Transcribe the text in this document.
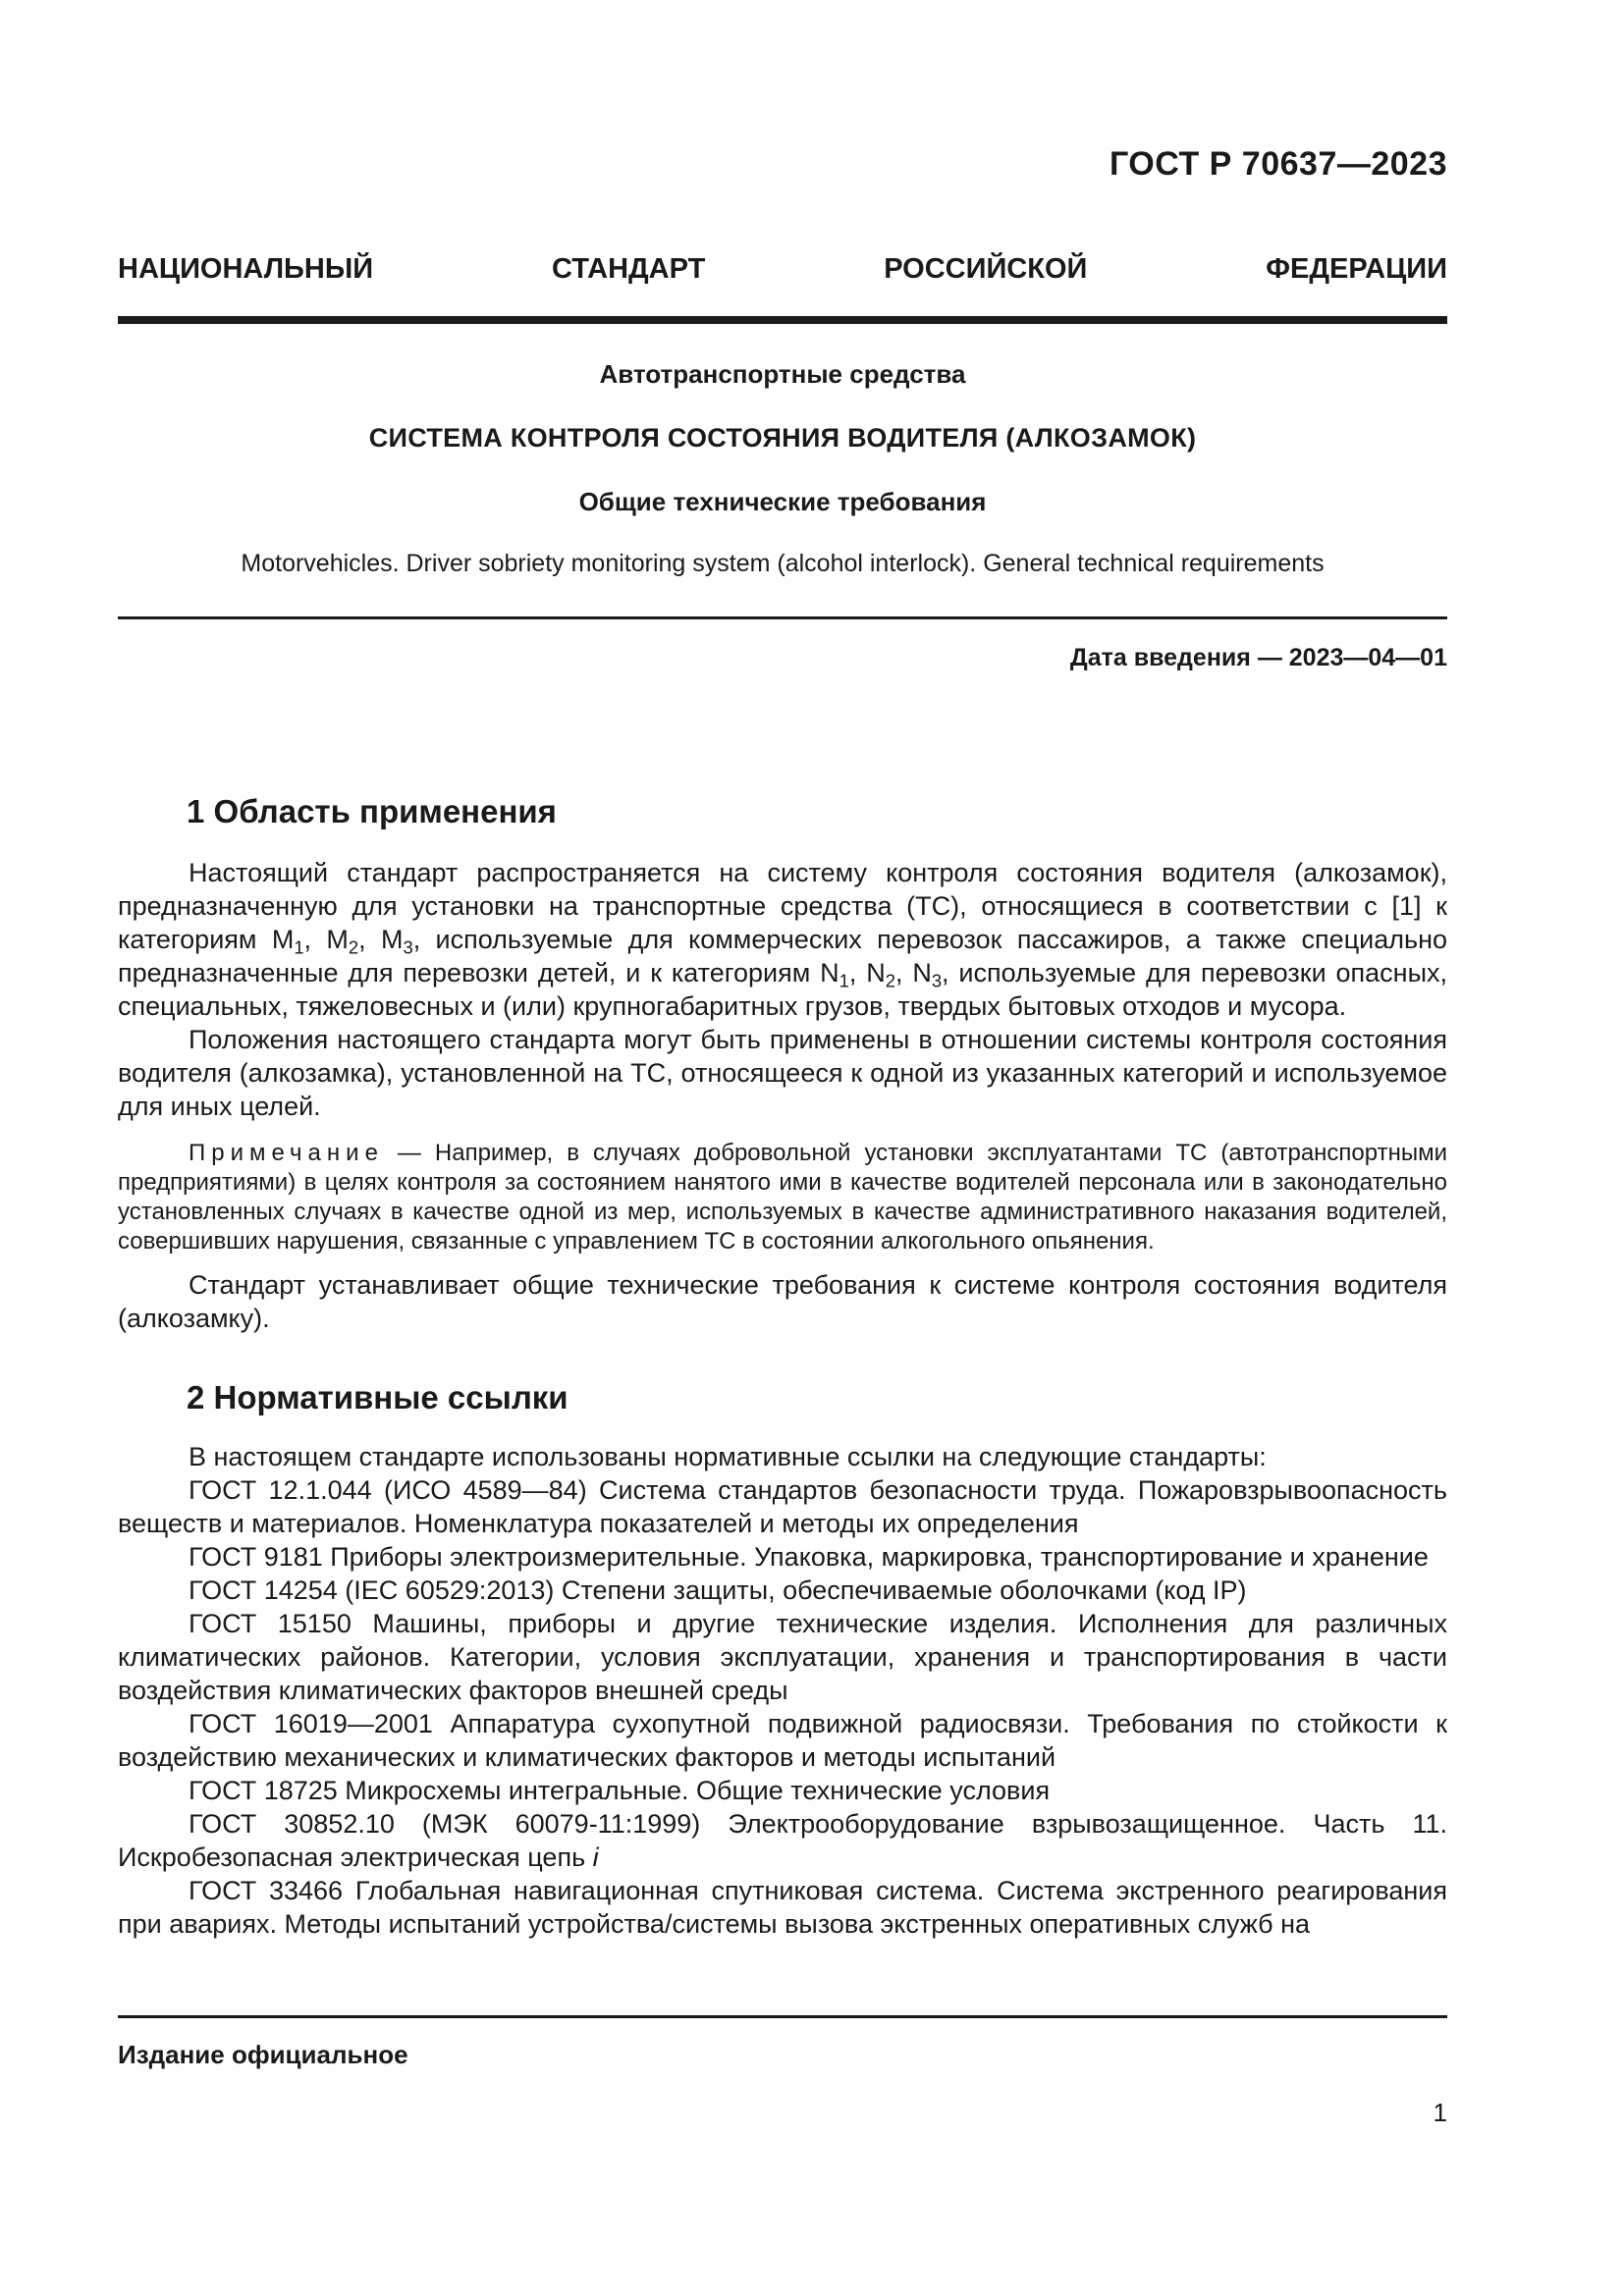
ГОСТ Р 70637—2023
НАЦИОНАЛЬНЫЙ СТАНДАРТ РОССИЙСКОЙ ФЕДЕРАЦИИ
Автотранспортные средства
СИСТЕМА КОНТРОЛЯ СОСТОЯНИЯ ВОДИТЕЛЯ (АЛКОЗАМОК)
Общие технические требования
Motorvehicles. Driver sobriety monitoring system (alcohol interlock). General technical requirements
Дата введения — 2023—04—01
1 Область применения

Настоящий стандарт распространяется на систему контроля состояния водителя (алкозамок), предназначенную для установки на транспортные средства (ТС), относящиеся в соответствии с [1] к категориям $М_1$, $М_2$, $М_3$, используемые для коммерческих перевозок пассажиров, а также специально предназначенные для перевозки детей, и к категориям $N_1$, $N_2$, $N_3$, используемые для перевозки опасных, специальных, тяжеловесных и (или) крупногабаритных грузов, твердых бытовых отходов и мусора.

Положения настоящего стандарта могут быть применены в отношении системы контроля состояния водителя (алкозамка), установленной на ТС, относящееся к одной из указанных категорий и используемое для иных целей.

Примечание — Например, в случаях добровольной установки эксплуатантами ТС (автотранспортными предприятиями) в целях контроля за состоянием нанятого ими в качестве водителей персонала или в законодательно установленных случаях в качестве одной из мер, используемых в качестве административного наказания водителей, совершивших нарушения, связанные с управлением ТС в состоянии алкогольного опьянения.

Стандарт устанавливает общие технические требования к системе контроля состояния водителя (алкозамку).

2 Нормативные ссылки

В настоящем стандарте использованы нормативные ссылки на следующие стандарты:

ГОСТ 12.1.044 (ИСО 4589—84) Система стандартов безопасности труда. Пожаровзрывоопасность веществ и материалов. Номенклатура показателей и методы их определения

ГОСТ 9181 Приборы электроизмерительные. Упаковка, маркировка, транспортирование и хранение

ГОСТ 14254 (IEC 60529:2013) Степени защиты, обеспечиваемые оболочками (код IP)

ГОСТ 15150 Машины, приборы и другие технические изделия. Исполнения для различных климатических районов. Категории, условия эксплуатации, хранения и транспортирования в части воздействия климатических факторов внешней среды

ГОСТ 16019—2001 Аппаратура сухопутной подвижной радиосвязи. Требования по стойкости к воздействию механических и климатических факторов и методы испытаний

ГОСТ 18725 Микросхемы интегральные. Общие технические условия

ГОСТ 30852.10 (МЭК 60079-11:1999) Электрооборудование взрывозащищенное. Часть 11. Искробезопасная электрическая цепь i

ГОСТ 33466 Глобальная навигационная спутниковая система. Система экстренного реагирования при авариях. Методы испытаний устройства/системы вызова экстренных оперативных служб на

Издание официальное
1
